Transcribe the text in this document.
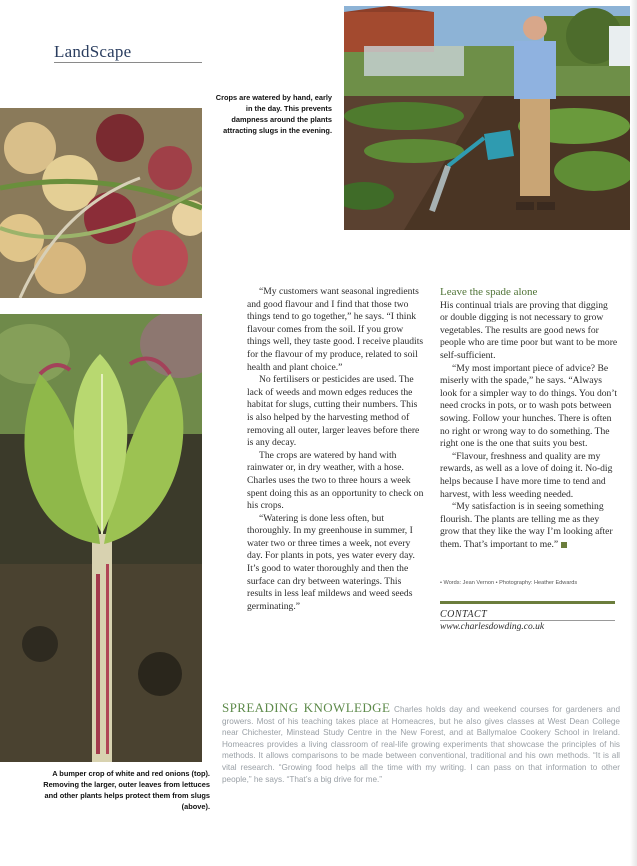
LandScape
Crops are watered by hand, early in the day. This prevents dampness around the plants attracting slugs in the evening.
A bumper crop of white and red onions (top). Removing the larger, outer leaves from lettuces and other plants helps protect them from slugs (above).

“My customers want seasonal ingredients and good flavour and I find that those two things tend to go together,” he says. “I think flavour comes from the soil. If you grow things well, they taste good. I receive plaudits for the flavour of my produce, related to soil health and plant choice.”

No fertilisers or pesticides are used. The lack of weeds and mown edges reduces the habitat for slugs, cutting their numbers. This is also helped by the harvesting method of removing all outer, larger leaves before there is any decay.

The crops are watered by hand with rainwater or, in dry weather, with a hose. Charles uses the two to three hours a week spent doing this as an opportunity to check on his crops.

“Watering is done less often, but thoroughly. In my greenhouse in summer, I water two or three times a week, not every day. For plants in pots, yes water every day. It’s good to water thoroughly and then the surface can dry between waterings. This results in less leaf mildews and weed seeds germinating.”

Leave the spade alone

His continual trials are proving that digging or double digging is not necessary to grow vegetables. The results are good news for people who are time poor but want to be more self-sufficient.

“My most important piece of advice? Be miserly with the spade,” he says. “Always look for a simpler way to do things. You don’t need crocks in pots, or to wash pots between sowing. Follow your hunches. There is often no right or wrong way to do something. The right one is the one that suits you best.

“Flavour, freshness and quality are my rewards, as well as a love of doing it. No-dig helps because I have more time to tend and harvest, with less weeding needed.

“My satisfaction is in seeing something flourish. The plants are telling me as they grow that they like the way I’m looking after them. That’s important to me.”

• Words: Jean Vernon • Photography: Heather Edwards
CONTACT
www.charlesdowding.co.uk
SPREADING KNOWLEDGE Charles holds day and weekend courses for gardeners and growers. Most of his teaching takes place at Homeacres, but he also gives classes at West Dean College near Chichester, Minstead Study Centre in the New Forest, and at Ballymaloe Cookery School in Ireland. Homeacres provides a living classroom of real-life growing experiments that showcase the principles of his methods. It allows comparisons to be made between conventional, traditional and his own methods. “It is all vital research. “Growing food helps all the time with my writing. I can pass on that information to other people,” he says. “That’s a big drive for me.”
